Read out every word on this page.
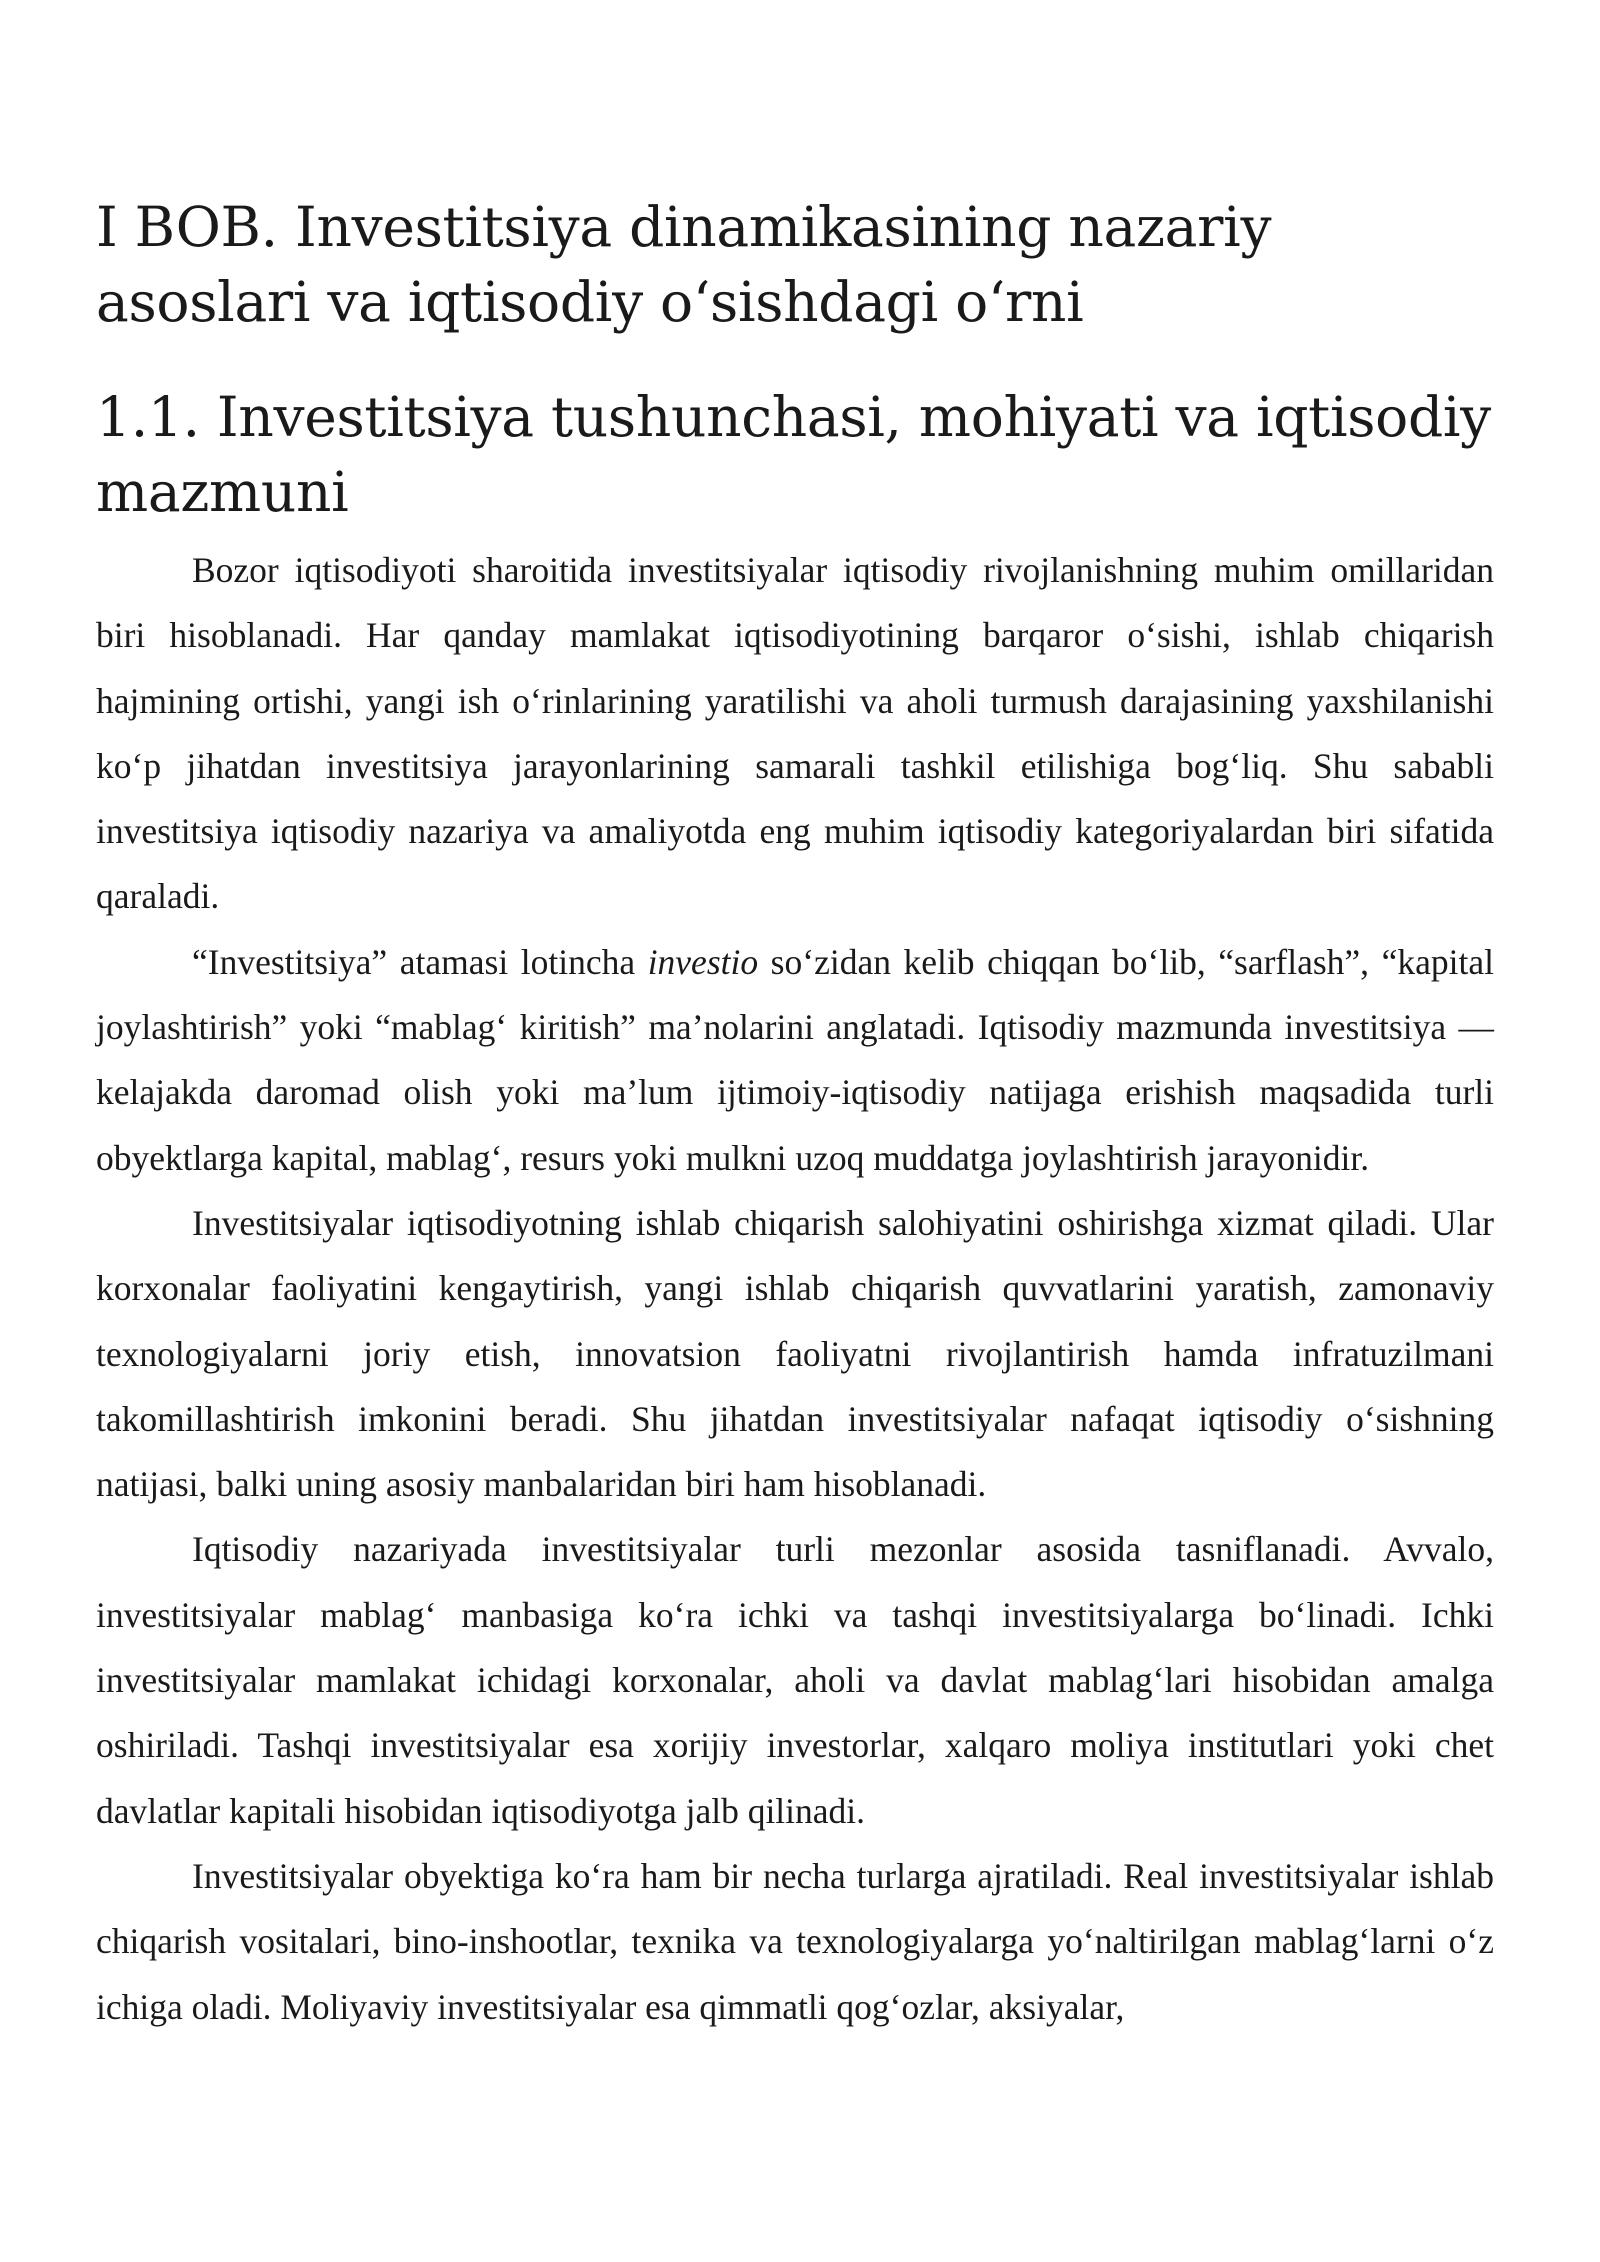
I BOB. Investitsiya dinamikasining nazariy asoslari va iqtisodiy o‘sishdagi o‘rni
1.1. Investitsiya tushunchasi, mohiyati va iqtisodiy mazmuni

Bozor iqtisodiyoti sharoitida investitsiyalar iqtisodiy rivojlanishning muhim omillaridan biri hisoblanadi. Har qanday mamlakat iqtisodiyotining barqaror o‘sishi, ishlab chiqarish hajmining ortishi, yangi ish o‘rinlarining yaratilishi va aholi turmush darajasining yaxshilanishi ko‘p jihatdan investitsiya jarayonlarining samarali tashkil etilishiga bog‘liq. Shu sababli investitsiya iqtisodiy nazariya va amaliyotda eng muhim iqtisodiy kategoriyalardan biri sifatida qaraladi.

“Investitsiya” atamasi lotincha investio so‘zidan kelib chiqqan bo‘lib, “sarflash”, “kapital joylashtirish” yoki “mablag‘ kiritish” ma’nolarini anglatadi. Iqtisodiy mazmunda investitsiya — kelajakda daromad olish yoki ma’lum ijtimoiy-iqtisodiy natijaga erishish maqsadida turli obyektlarga kapital, mablag‘, resurs yoki mulkni uzoq muddatga joylashtirish jarayonidir.

Investitsiyalar iqtisodiyotning ishlab chiqarish salohiyatini oshirishga xizmat qiladi. Ular korxonalar faoliyatini kengaytirish, yangi ishlab chiqarish quvvatlarini yaratish, zamonaviy texnologiyalarni joriy etish, innovatsion faoliyatni rivojlantirish hamda infratuzilmani takomillashtirish imkonini beradi. Shu jihatdan investitsiyalar nafaqat iqtisodiy o‘sishning natijasi, balki uning asosiy manbalaridan biri ham hisoblanadi.

Iqtisodiy nazariyada investitsiyalar turli mezonlar asosida tasniflanadi. Avvalo, investitsiyalar mablag‘ manbasiga ko‘ra ichki va tashqi investitsiyalarga bo‘linadi. Ichki investitsiyalar mamlakat ichidagi korxonalar, aholi va davlat mablag‘lari hisobidan amalga oshiriladi. Tashqi investitsiyalar esa xorijiy investorlar, xalqaro moliya institutlari yoki chet davlatlar kapitali hisobidan iqtisodiyotga jalb qilinadi.

Investitsiyalar obyektiga ko‘ra ham bir necha turlarga ajratiladi. Real investitsiyalar ishlab chiqarish vositalari, bino-inshootlar, texnika va texnologiyalarga yo‘naltirilgan mablag‘larni o‘z ichiga oladi. Moliyaviy investitsiyalar esa qimmatli qog‘ozlar, aksiyalar,
